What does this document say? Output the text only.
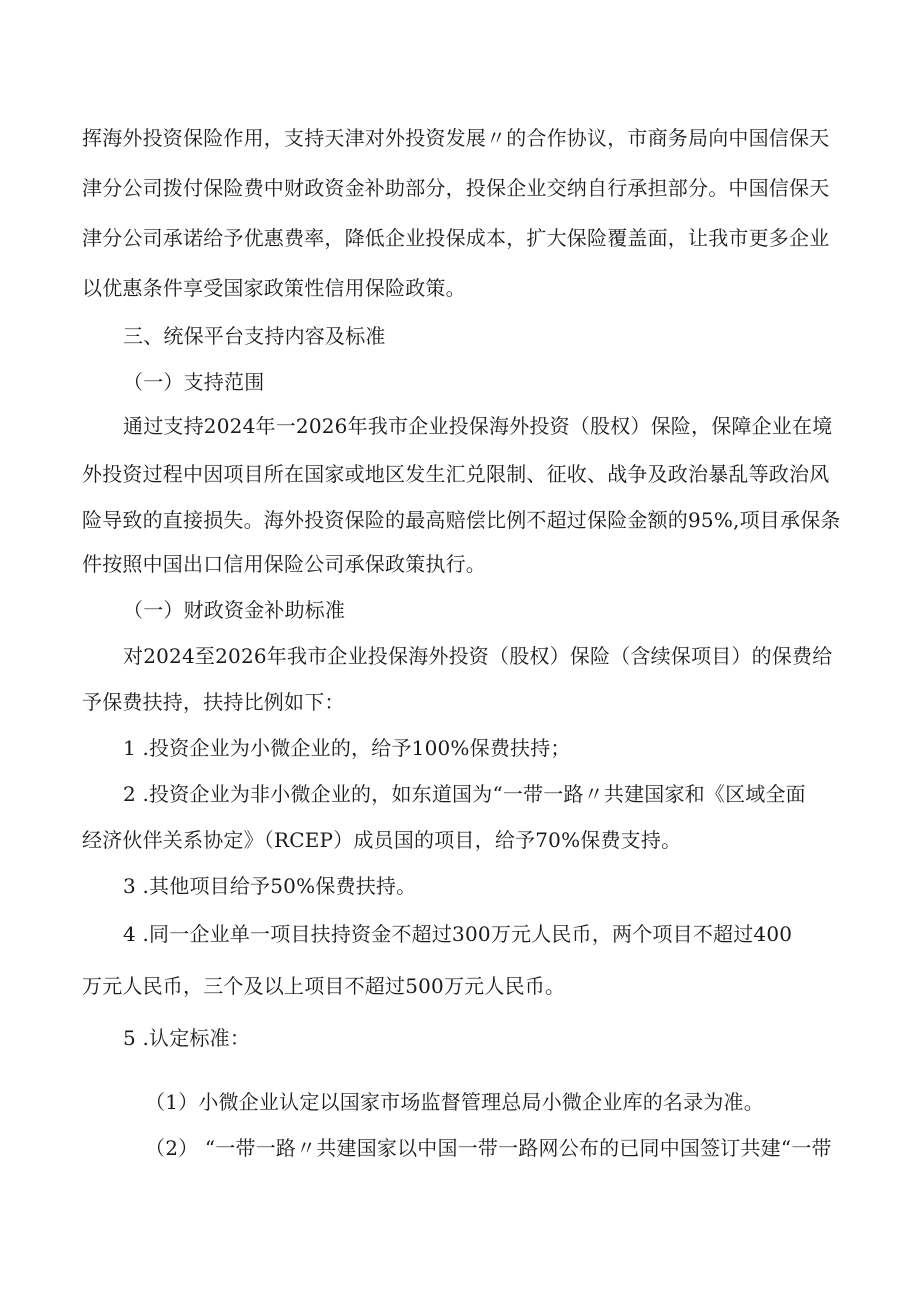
挥海外投资保险作用，支持天津对外投资发展〃的合作协议，市商务局向中国信保天
津分公司拨付保险费中财政资金补助部分，投保企业交纳自行承担部分。中国信保天
津分公司承诺给予优惠费率，降低企业投保成本，扩大保险覆盖面，让我市更多企业
以优惠条件享受国家政策性信用保险政策。
三、统保平台支持内容及标准
（一）支持范围
通过支持2024年一2026年我市企业投保海外投资（股权）保险，保障企业在境
外投资过程中因项目所在国家或地区发生汇兑限制、征收、战争及政治暴乱等政治风
险导致的直接损失。海外投资保险的最高赔偿比例不超过保险金额的95%,项目承保条
件按照中国出口信用保险公司承保政策执行。
（一）财政资金补助标准
对2024至2026年我市企业投保海外投资（股权）保险（含续保项目）的保费给
予保费扶持，扶持比例如下：
1 .投资企业为小微企业的，给予100%保费扶持；
2 .投资企业为非小微企业的，如东道国为“一带一路〃共建国家和《区域全面
经济伙伴关系协定》（RCEP）成员国的项目，给予70%保费支持。
3 .其他项目给予50%保费扶持。
4 .同一企业单一项目扶持资金不超过300万元人民币，两个项目不超过400
万元人民币，三个及以上项目不超过500万元人民币。
5 .认定标准：
（1）小微企业认定以国家市场监督管理总局小微企业库的名录为准。
（2） “一带一路〃共建国家以中国一带一路网公布的已同中国签订共建“一带
